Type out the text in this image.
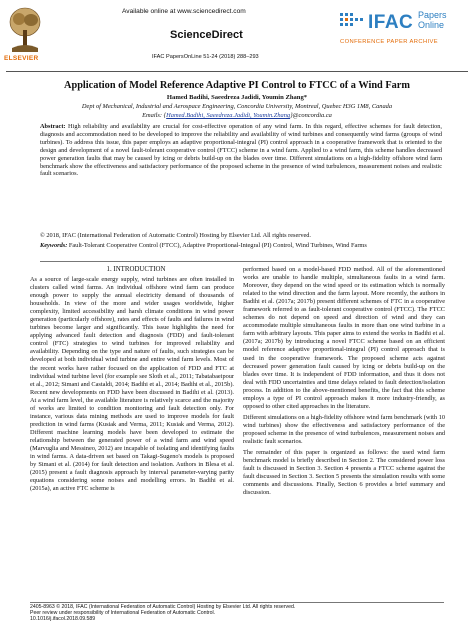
ELSEVIER
Available online at www.sciencedirect.com
ScienceDirect
IFAC PapersOnLine 51-24 (2018) 288–293
IFAC Papers
Online
CONFERENCE PAPER ARCHIVE
Application of Model Reference Adaptive PI Control to FTCC of a Wind Farm
Hamed Badihi, Saeedreza Jadidi, Youmin Zhang*
Dept of Mechanical, Industrial and Aerospace Engineering, Concordia University, Montreal, Quebec H3G 1M8, Canada
Emails: {Hamed.Badihi, Saeedreza.Jadidi, Youmin.Zhang}@concordia.ca
Abstract: High reliability and availability are crucial for cost-effective operation of any wind farm. In this regard, effective schemes for fault detection, diagnosis and accommodation need to be developed to improve the reliability and availability of wind turbines and consequently wind farms (groups of wind turbines). To address this issue, this paper employs an adaptive proportional-integral (PI) control approach in a cooperative framework that is oriented to the design and development of a novel fault-tolerant cooperative control (FTCC) scheme in a wind farm. Applied to a wind farm, this scheme handles decreased power generation faults that may be caused by icing or debris build-up on the blades over time. Different simulations on a high-fidelity offshore wind farm benchmark show the effectiveness and satisfactory performance of the proposed scheme in the presence of wind turbulences, measurement noises and realistic fault scenarios.
© 2018, IFAC (International Federation of Automatic Control) Hosting by Elsevier Ltd. All rights reserved.
Keywords: Fault-Tolerant Cooperative Control (FTCC), Adaptive Proportional-Integral (PI) Control, Wind Turbines, Wind Farms
1. INTRODUCTION

As a source of large-scale energy supply, wind turbines are often installed in clusters called wind farms. An individual offshore wind farm can produce enough power to supply the annual electricity demand of thousands of households. In view of the more and wider usages worldwide, higher complexity, limited accessibility and harsh climate conditions in wind power generation (particularly offshore), rates and effects of faults and failures in wind turbines become larger and significantly. This issue highlights the need for applying advanced fault detection and diagnosis (FDD) and fault-tolerant control (FTC) strategies to wind turbines for improved reliability and availability. Depending on the type and nature of faults, such strategies can be developed at both individual wind turbine and entire wind farm levels. Most of the recent works have rather focused on the application of FDD and FTC at individual wind turbine level (for example see Sloth et al., 2011; Tabatabaeipour et al., 2012; Simani and Castaldi, 2014; Badihi et al., 2014; Badihi et al., 2015b). Recent new developments on FDD have been discussed in Badihi et al. (2013). At a wind farm level, the available literature is relatively scarce and the majority of works are limited to condition monitoring and fault detection only. For instance, various data mining methods are used to improve models for fault prediction in wind farms (Kusiak and Verma, 2011; Kusiak and Verma, 2012). Different machine learning models have been developed to estimate the relationship between the generated power of a wind farm and wind speed (Marvuglia and Messineo, 2012) are incapable of isolating and identifying faults in wind farms. A data-driven set based on Takagi-Sugeno's models is proposed by Simani et al. (2014) for fault detection and isolation. Authors in Blesa et al. (2015) present a fault diagnosis approach by interval parameter-varying parity equations considering some noises and modelling errors. In Badihi et al. (2015a), an active FTC scheme is

performed based on a model-based FDD method. All of the aforementioned works are unable to handle multiple, simultaneous faults in a wind farm. Moreover, they depend on the wind speed or its estimation which is normally related to the wind direction and the farm layout. More recently, the authors in Badihi et al. (2017a; 2017b) present different schemes of FTC in a cooperative framework referred to as fault-tolerant cooperative control (FTCC). The FTCC schemes do not depend on speed and direction of wind and they can accommodate multiple simultaneous faults in more than one wind turbine in a farm with arbitrary layouts. This paper aims to extend the works in Badihi et al. (2017a; 2017b) by introducing a novel FTCC scheme based on an efficient model reference adaptive proportional-integral (PI) control approach that is used in the cooperative framework. The proposed scheme acts against decreased power generation fault caused by icing or debris build-up on the blades over time. It is independent of FDD information, and thus it does not deal with FDD uncertainties and time delays related to fault detection/isolation process. In addition to the above-mentioned benefits, the fact that this scheme employs a type of PI control approach makes it more industry-friendly, as opposed to other cited approaches in the literature.

Different simulations on a high-fidelity offshore wind farm benchmark (with 10 wind turbines) show the effectiveness and satisfactory performance of the proposed scheme in the presence of wind turbulences, measurement noises and realistic fault scenarios.

The remainder of this paper is organized as follows: the used wind farm benchmark model is briefly described in Section 2. The considered power loss fault is discussed in Section 3. Section 4 presents a FTCC scheme against the fault discussed in Section 3. Section 5 presents the simulation results with some comments and discussions. Finally, Section 6 provides a brief summary and discussion.

2405-8963 © 2018, IFAC (International Federation of Automatic Control) Hosting by Elsevier Ltd. All rights reserved.
Peer review under responsibility of International Federation of Automatic Control.
10.1016/j.ifacol.2018.09.589
